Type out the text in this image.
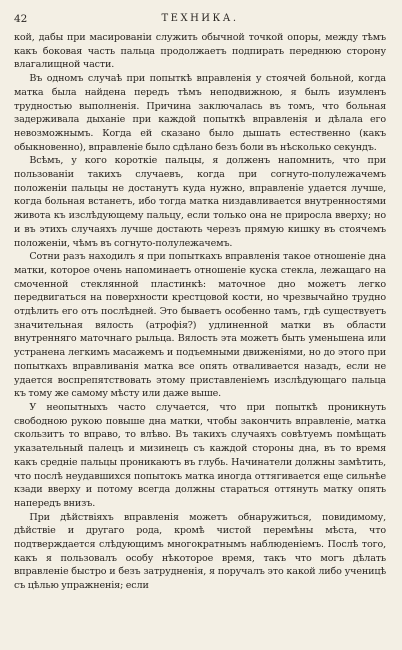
42	ТЕХНИКА.

кой, дабы при масированіи служить обычной точкой опоры, между тѣмъ какъ боковая часть пальца продолжаетъ подпирать переднюю сторону влагалищной части.

Въ одномъ случаѣ при попыткѣ вправленія у стоячей больной, когда матка была найдена передъ тѣмъ неподвижною, я былъ изумленъ трудностью выполненія. Причина заключалась въ томъ, что больная задерживала дыханіе при каждой попыткѣ вправленія и дѣлала его невозможнымъ. Когда ей сказано было дышать естественно (какъ обыкновенно), вправленіе было сдѣлано безъ боли въ нѣсколько секундъ.

Всѣмъ, у кого короткіе пальцы, я долженъ напомнить, что при пользованіи такихъ случаевъ, когда при согнуто-полулежачемъ положеніи пальцы не достанутъ куда нужно, вправленіе удается лучше, когда больная встанетъ, ибо тогда матка низдавливается внутренностями живота къ изслѣдующему пальцу, если только она не приросла вверху; но и въ этихъ случаяхъ лучше достають черезъ прямую кишку въ стоячемъ положеніи, чѣмъ въ согнуто-полулежачемъ.

Сотни разъ находилъ я при попыткахъ вправленія такое отношеніе дна матки, которое очень напоминаетъ отношеніе куска стекла, лежащаго на смоченной стеклянной пластинкѣ: маточное дно можетъ легко передвигаться на поверхности крестцовой кости, но чрезвычайно трудно отдѣлить его отъ послѣдней. Это бываетъ особенно тамъ, гдѣ существуетъ значительная вялость (атрофія?) удлиненной матки въ области внутренняго маточнаго рыльца. Вялость эта можетъ быть уменьшена или устранена легкимъ масажемъ и подъемными движеніями, но до этого при попыткахъ вправливанія матка все опять отваливается назадъ, если не удается воспрепятствовать этому приставленіемъ изслѣдующаго пальца къ тому же самому мѣсту или даже выше.

У неопытныхъ часто случается, что при попыткѣ проникнуть свободною рукою повыше дна матки, чтобы закончить вправленіе, матка скользитъ то вправо, то влѣво. Въ такихъ случаяхъ совѣтуемъ помѣщать указательный палецъ и мизинецъ съ каждой стороны дна, въ то время какъ средніе пальцы проникаютъ въ глубь. Начинатели должны замѣтить, что послѣ неудавшихся попытокъ матка иногда оттягивается еще сильнѣе кзади вверху и потому всегда должны стараться оттянуть матку опять напередъ внизъ.

При дѣйствіяхъ вправленія можетъ обнаружиться, повидимому, дѣйствіе и другаго рода, кромѣ чистой перемѣны мѣста, что подтверждается слѣдующимъ многократнымъ наблюденіемъ. Послѣ того, какъ я пользовалъ особу нѣкоторое время, такъ что могъ дѣлать вправленіе быстро и безъ затрудненія, я поручалъ это какой либо ученицѣ съ цѣлью упражненія; если
